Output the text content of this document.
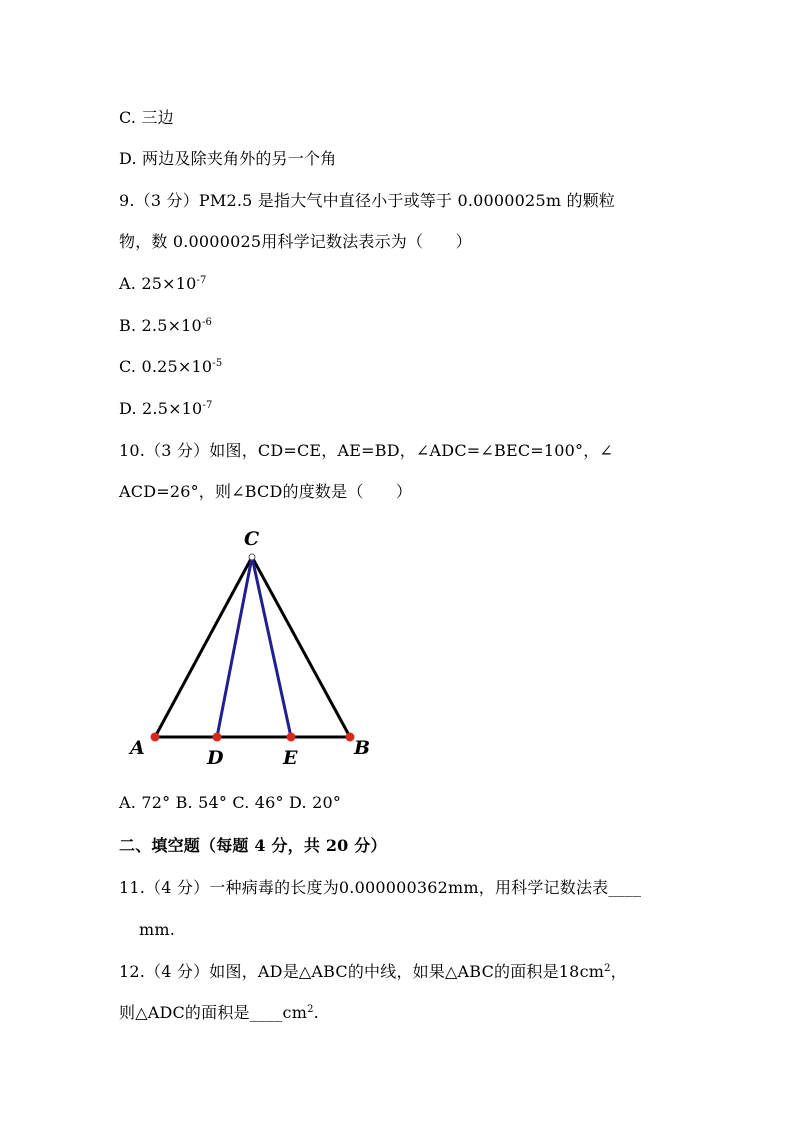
C. 三边
D. 两边及除夹角外的另一个角
9.（3 分）PM2.5 是指大气中直径小于或等于 0.0000025m 的颗粒
物，数 0.0000025用科学记数法表示为（　　）
A. $25\times 10^{-7}$
B. $2.5\times 10^{-6}$
C. $0.25\times 10^{-5}$
D. $2.5\times 10^{-7}$
10.（3 分）如图，CD=CE，AE=BD，∠ADC=∠BEC=100°，∠
ACD=26°，则∠BCD的度数是（　　）
C
A	D	E	B
A. 72° B. 54° C. 46° D. 20°
二、填空题（每题 4 分，共 20 分）
11.（4 分）一种病毒的长度为0.000000362mm，用科学记数法表____
mm.
12.（4 分）如图，AD是△ABC的中线，如果△ABC的面积是$18cm^2$，
则△ADC的面积是$\_\_\_\_cm^2$.
